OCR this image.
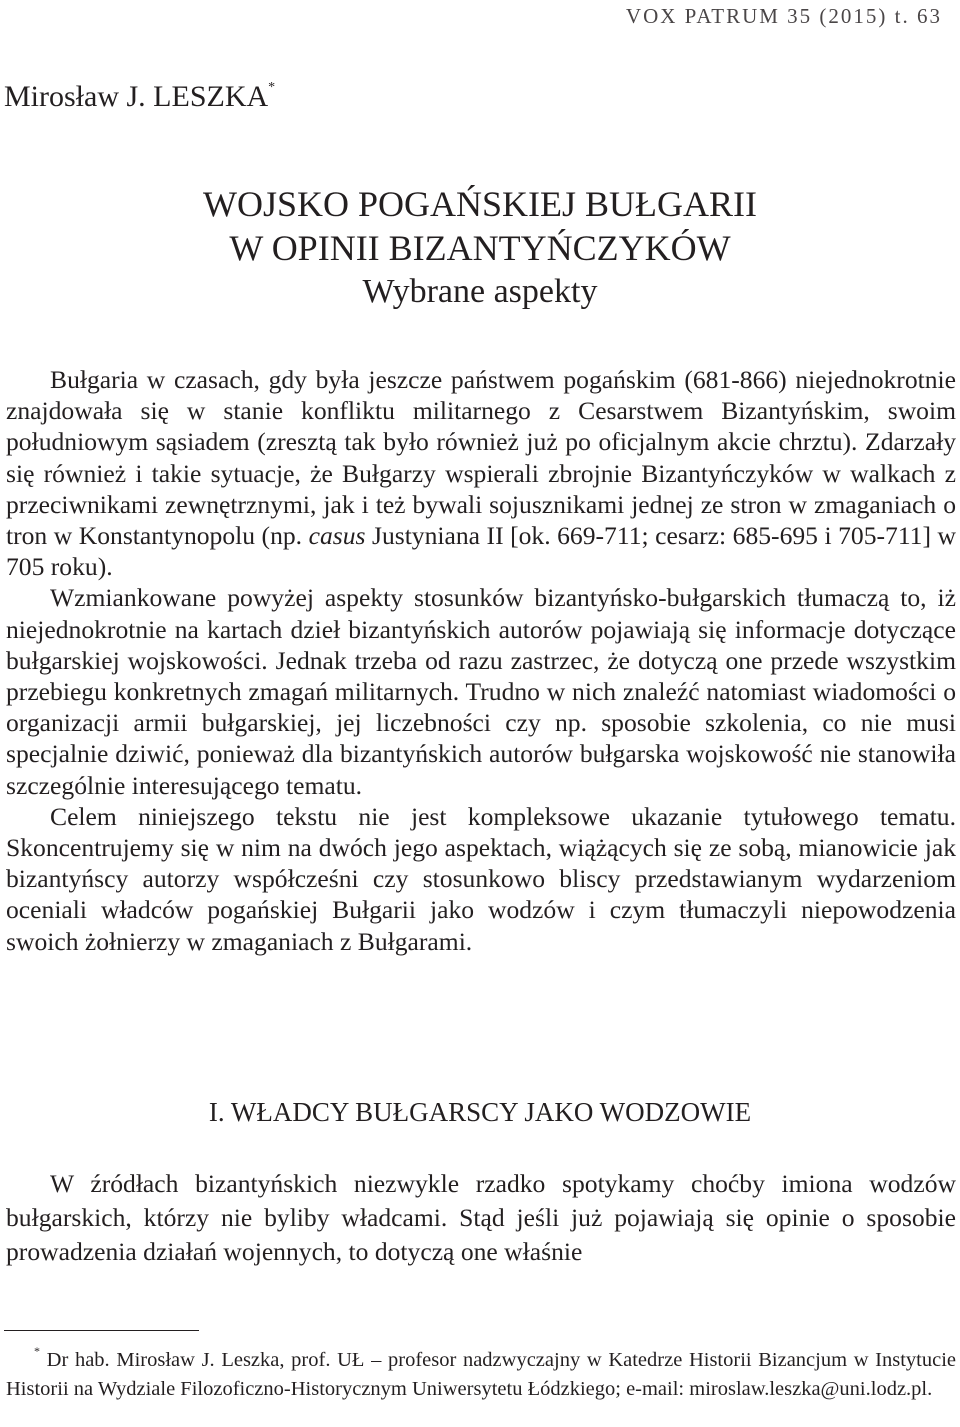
VOX PATRUM 35 (2015) t. 63
Mirosław J. LESZKA*
WOJSKO POGAŃSKIEJ BUŁGARII
W OPINII BIZANTYŃCZYKÓW
Wybrane aspekty

Bułgaria w czasach, gdy była jeszcze państwem pogańskim (681-866) niejednokrotnie znajdowała się w stanie konfliktu militarnego z Cesarstwem Bizantyńskim, swoim południowym sąsiadem (zresztą tak było również już po oficjalnym akcie chrztu). Zdarzały się również i takie sytuacje, że Bułgarzy wspierali zbrojnie Bizantyńczyków w walkach z przeciwnikami zewnętrznymi, jak i też bywali sojusznikami jednej ze stron w zmaganiach o tron w Konstantynopolu (np. casus Justyniana II [ok. 669-711; cesarz: 685-695 i 705-711] w 705 roku).

Wzmiankowane powyżej aspekty stosunków bizantyńsko-bułgarskich tłumaczą to, iż niejednokrotnie na kartach dzieł bizantyńskich autorów pojawiają się informacje dotyczące bułgarskiej wojskowości. Jednak trzeba od razu zastrzec, że dotyczą one przede wszystkim przebiegu konkretnych zmagań militarnych. Trudno w nich znaleźć natomiast wiadomości o organizacji armii bułgarskiej, jej liczebności czy np. sposobie szkolenia, co nie musi specjalnie dziwić, ponieważ dla bizantyńskich autorów bułgarska wojskowość nie stanowiła szczególnie interesującego tematu.

Celem niniejszego tekstu nie jest kompleksowe ukazanie tytułowego tematu. Skoncentrujemy się w nim na dwóch jego aspektach, wiążących się ze sobą, mianowicie jak bizantyńscy autorzy współcześni czy stosunkowo bliscy przedstawianym wydarzeniom oceniali władców pogańskiej Bułgarii jako wodzów i czym tłumaczyli niepowodzenia swoich żołnierzy w zmaganiach z Bułgarami.

I. WŁADCY BUŁGARSCY JAKO WODZOWIE

W źródłach bizantyńskich niezwykle rzadko spotykamy choćby imiona wodzów bułgarskich, którzy nie byliby władcami. Stąd jeśli już pojawiają się opinie o sposobie prowadzenia działań wojennych, to dotyczą one właśnie

* Dr hab. Mirosław J. Leszka, prof. UŁ – profesor nadzwyczajny w Katedrze Historii Bizancjum w Instytucie Historii na Wydziale Filozoficzno-Historycznym Uniwersytetu Łódzkiego; e-mail: miroslaw.leszka@uni.lodz.pl.
